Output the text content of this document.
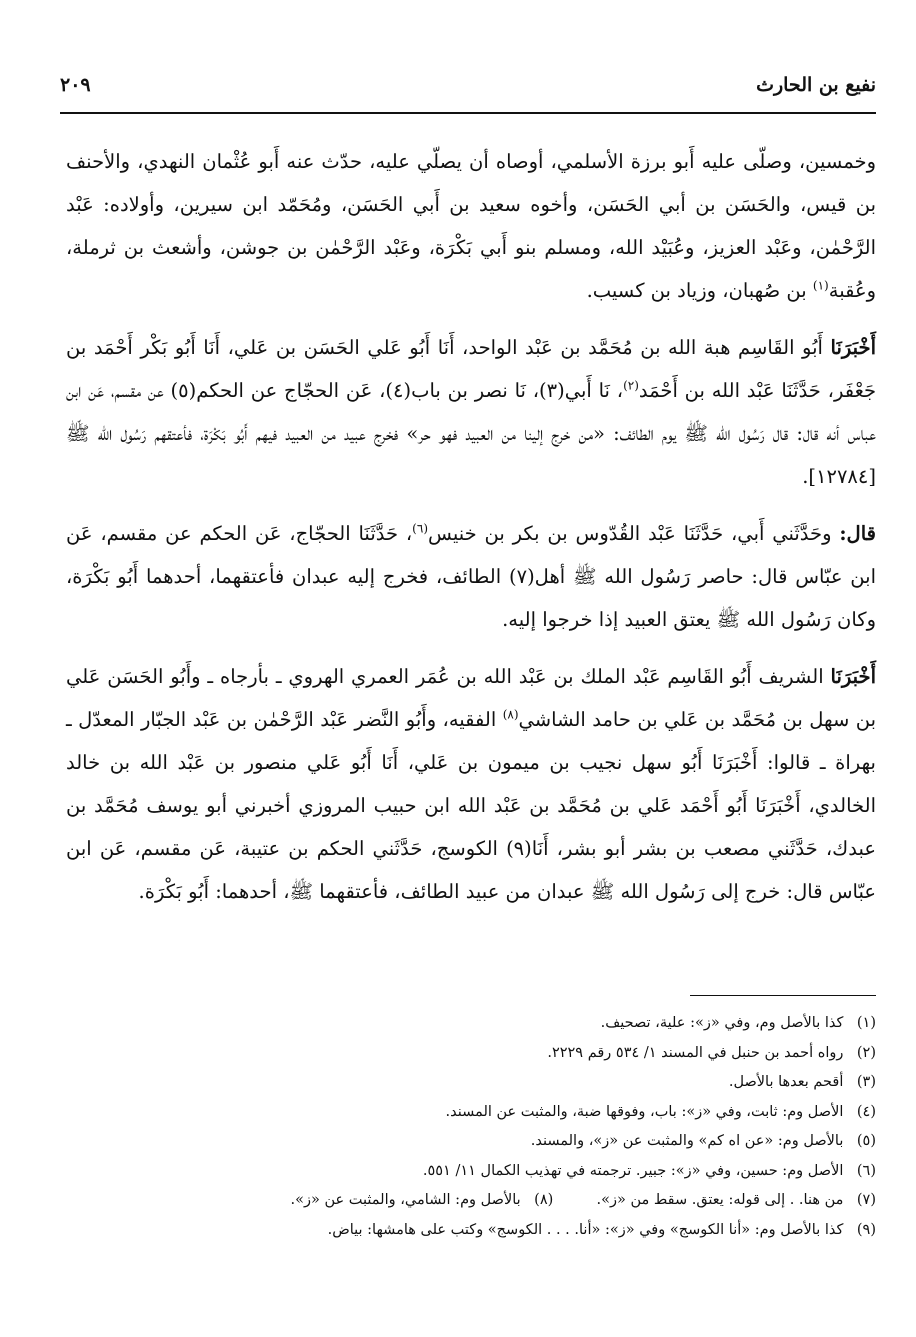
نفيع بن الحارث
٢٠٩

وخمسين، وصلّى عليه أَبو برزة الأسلمي، أوصاه أن يصلّي عليه، حدّث عنه أَبو عُثْمان النهدي، والأحنف بن قيس، والحَسَن بن أبي الحَسَن، وأخوه سعيد بن أَبي الحَسَن، ومُحَمّد ابن سيرين، وأولاده: عَبْد الرَّحْمٰن، وعَبْد العزيز، وعُبَيْد الله، ومسلم بنو أَبي بَكْرَة، وعَبْد الرَّحْمٰن بن جوشن، وأشعث بن ثرملة، وعُقبة$^{(١)}$ بن صُهبان، وزياد بن كسيب.

أَخْبَرَنَا أَبُو القَاسِم هبة الله بن مُحَمَّد بن عَبْد الواحد، أَنَا أَبُو عَلي الحَسَن بن عَلي، أَنَا أَبُو بَكْر أَحْمَد بن جَعْفَر، حَدَّثَنَا عَبْد الله بن أَحْمَد$^{(٢)}$، نَا أَبي(٣)، نَا نصر بن باب(٤)، عَن الحجّاج عن الحكم(٥) عن مقسم، عَن ابن عباس أنه قال: قال رَسُول الله ﷺ يوم الطائف: «من خرج إلينا من العبيد فهو حر» فخرج عبيد من العبيد فيهم أَبُو بَكْرَة، فأعتقهم رَسُول الله ﷺ [١٢٧٨٤].

قال: وحَدَّثَني أَبي، حَدَّثَنَا عَبْد القُدّوس بن بكر بن خنيس$^{(٦)}$، حَدَّثَنَا الحجّاج، عَن الحكم عن مقسم، عَن ابن عبّاس قال: حاصر رَسُول الله ﷺ أهل(٧) الطائف، فخرج إليه عبدان فأعتقهما، أحدهما أَبُو بَكْرَة، وكان رَسُول الله ﷺ يعتق العبيد إذا خرجوا إليه.

أَخْبَرَنَا الشريف أَبُو القَاسِم عَبْد الملك بن عَبْد الله بن عُمَر العمري الهروي ـ بأرجاه ـ وأَبُو الحَسَن عَلي بن سهل بن مُحَمَّد بن عَلي بن حامد الشاشي$^{(٨)}$ الفقيه، وأَبُو النَّضر عَبْد الرَّحْمٰن بن عَبْد الجبّار المعدّل ـ بهراة ـ قالوا: أَخْبَرَنَا أَبُو سهل نجيب بن ميمون بن عَلي، أَنَا أَبُو عَلي منصور بن عَبْد الله بن خالد الخالدي، أَخْبَرَنَا أَبُو أَحْمَد عَلي بن مُحَمَّد بن عَبْد الله ابن حبيب المروزي أخبرني أبو يوسف مُحَمَّد بن عبدك، حَدَّثَني مصعب بن بشر أبو بشر، أَنَا(٩) الكوسج، حَدَّثَني الحكم بن عتيبة، عَن مقسم، عَن ابن عبّاس قال: خرج إلى رَسُول الله ﷺ عبدان من عبيد الطائف، فأعتقهما ﷺ، أحدهما: أَبُو بَكْرَة.

(١) كذا بالأصل وم، وفي «ز»: علية، تصحيف.
(٢) رواه أحمد بن حنبل في المسند ١/ ٥٣٤ رقم ٢٢٢٩.
(٣) أقحم بعدها بالأصل.
(٤) الأصل وم: ثابت، وفي «ز»: باب، وفوقها ضبة، والمثبت عن المسند.
(٥) بالأصل وم: «عن اه كم» والمثبت عن «ز»، والمسند.
(٦) الأصل وم: حسين، وفي «ز»: جبير. ترجمته في تهذيب الكمال ١١/ ٥٥١.
(٧) من هنا. . إلى قوله: يعتق. سقط من «ز».  (٨) بالأصل وم: الشامي، والمثبت عن «ز».
(٩) كذا بالأصل وم: «أنا الكوسج» وفي «ز»: «أنا. . . . الكوسج» وكتب على هامشها: بياض.
